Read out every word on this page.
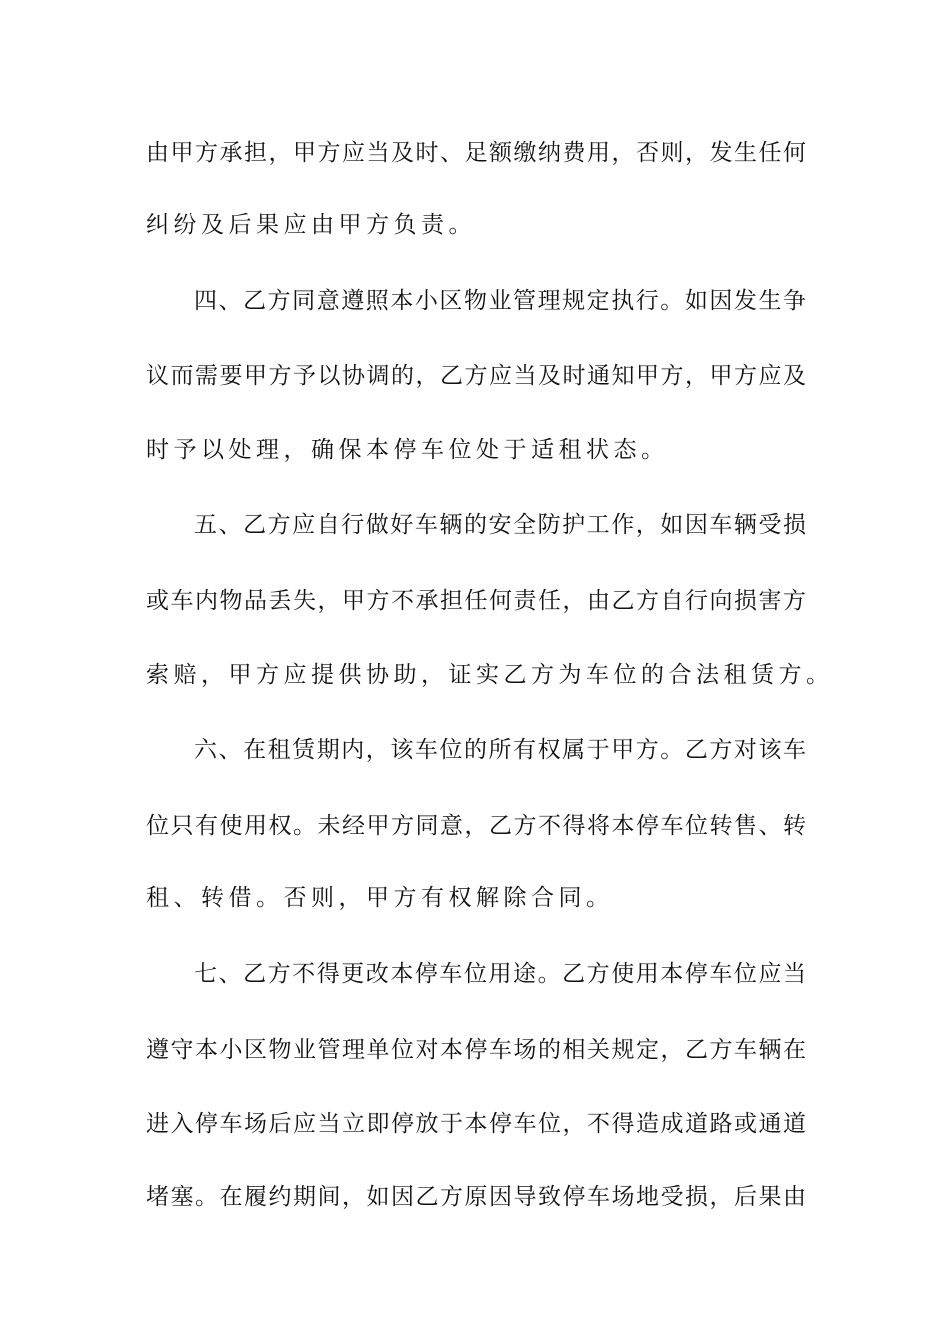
由甲方承担，甲方应当及时、足额缴纳费用，否则，发生任何
纠纷及后果应由甲方负责。
四、乙方同意遵照本小区物业管理规定执行。如因发生争
议而需要甲方予以协调的，乙方应当及时通知甲方，甲方应及
时予以处理，确保本停车位处于适租状态。
五、乙方应自行做好车辆的安全防护工作，如因车辆受损
或车内物品丢失，甲方不承担任何责任，由乙方自行向损害方
索赔，甲方应提供协助，证实乙方为车位的合法租赁方。
六、在租赁期内，该车位的所有权属于甲方。乙方对该车
位只有使用权。未经甲方同意，乙方不得将本停车位转售、转
租、转借。否则，甲方有权解除合同。
七、乙方不得更改本停车位用途。乙方使用本停车位应当
遵守本小区物业管理单位对本停车场的相关规定，乙方车辆在
进入停车场后应当立即停放于本停车位，不得造成道路或通道
堵塞。在履约期间，如因乙方原因导致停车场地受损，后果由
